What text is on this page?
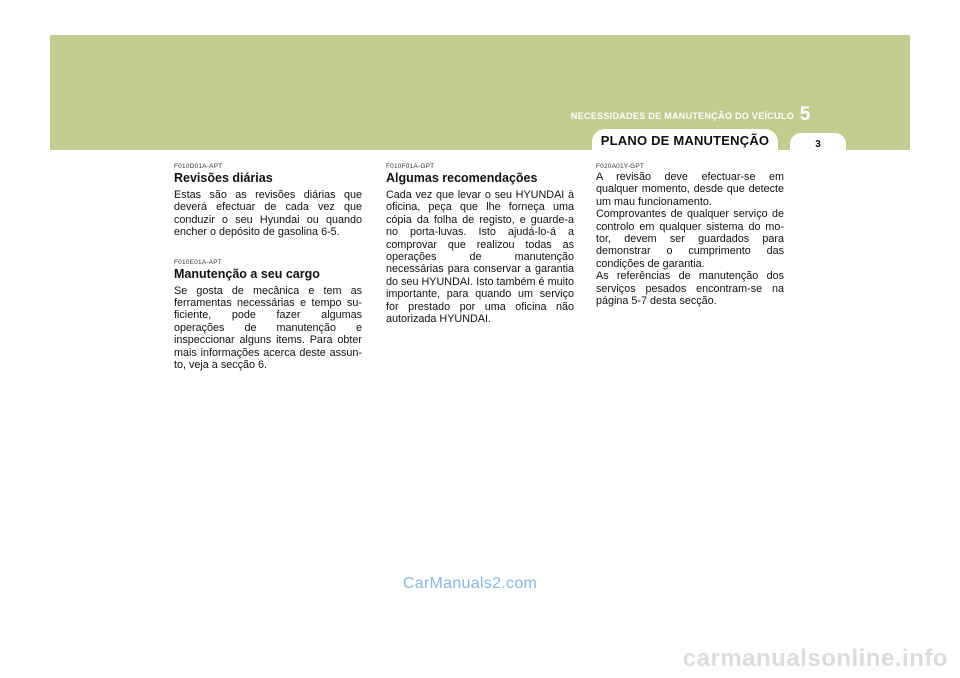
NECESSIDADES DE MANUTENÇÃO DO VEÍCULO 5
PLANO DE MANUTENÇÃO	3
F010D01A-APT
Revisões diárias

Estas são as revisões diárias que deverá efectuar de cada vez que conduzir o seu Hyundai ou quando encher o depósito de gasolina 6-5.

F010E01A-APT
Manutenção a seu cargo

Se gosta de mecânica e tem as ferramentas necessárias e tempo su- ficiente, pode fazer algumas operações de manutenção e inspeccionar alguns items. Para obter mais informações acerca deste assun-to, veja a secção 6.

F010F01A-GPT
Algumas recomendações

Cada vez que levar o seu HYUNDAI à oficina, peça que lhe forneça uma cópia da folha de registo, e guarde-a no porta-luvas. Isto ajudá-lo-á a comprovar que realizou todas as operações de manutenção necessárias para conservar a garantia do seu HYUNDAI. Isto também é muito importante, para quando um serviço for prestado por uma oficina não autorizada HYUNDAI.

F020A01Y-GPT

A revisão deve efectuar-se em qualquer momento, desde que detecte um mau funcionamento.
Comprovantes de qualquer serviço de controlo em qualquer sistema do mo- tor, devem ser guardados para demonstrar o cumprimento das condições de garantia.
As referências de manutenção dos serviços pesados encontram-se na página 5-7 desta secção.

CarManuals2.com
carmanualsonline.info
